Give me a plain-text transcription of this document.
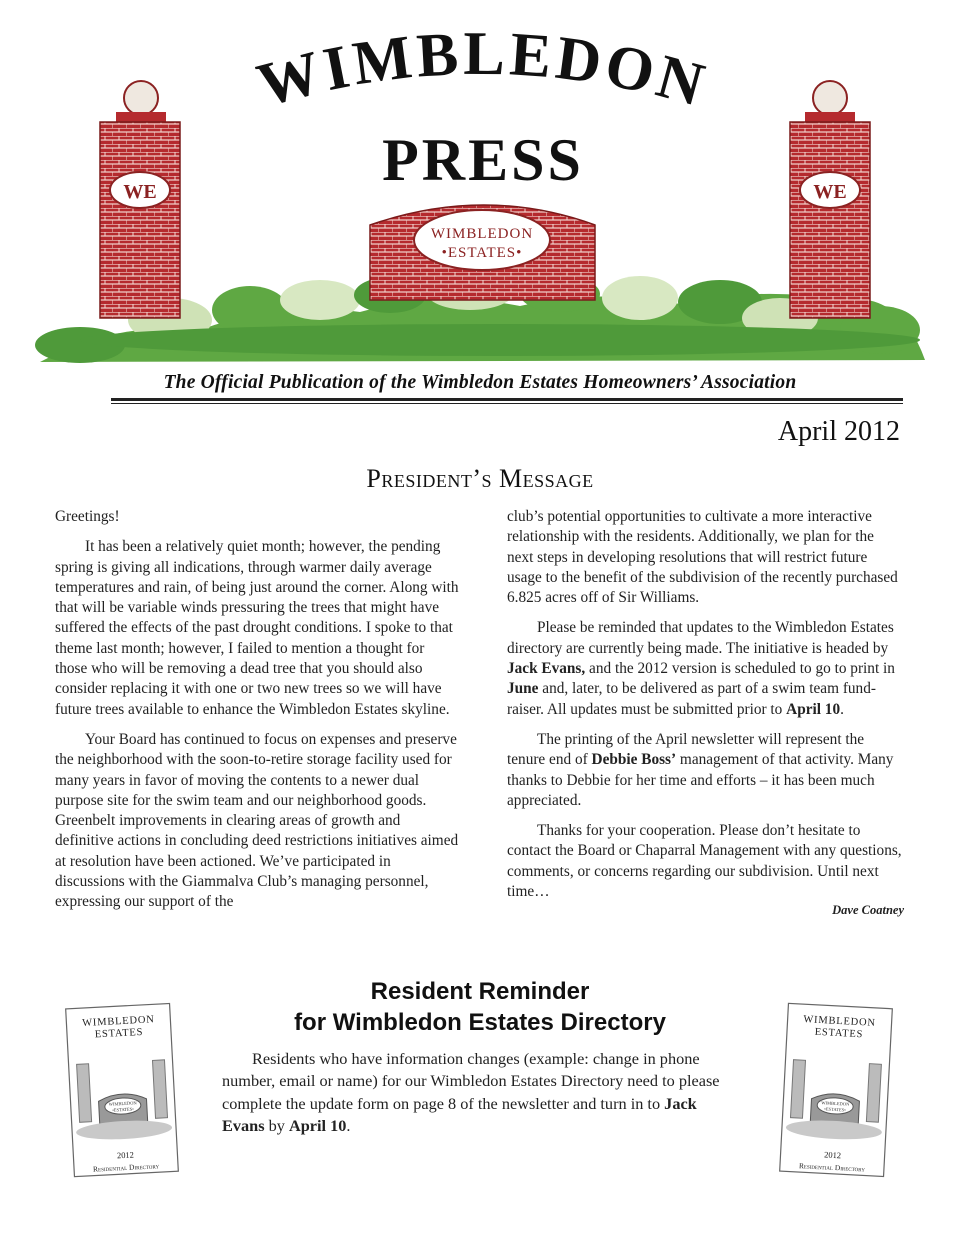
WIMBLEDON
PRESS
WE	WE
WIMBLEDON
•ESTATES•
The Official Publication of the Wimbledon Estates Homeowners’ Association
April 2012
President’s Message

Greetings!

It has been a relatively quiet month; however, the pending spring is giving all indications, through warmer daily average temperatures and rain, of being just around the corner. Along with that will be variable winds pressuring the trees that might have suffered the effects of the past drought conditions. I spoke to that theme last month; however, I failed to mention a thought for those who will be removing a dead tree that you should also consider replacing it with one or two new trees so we will have future trees available to enhance the Wimbledon Estates skyline.

Your Board has continued to focus on expenses and preserve the neighborhood with the soon-to-retire storage facility used for many years in favor of moving the contents to a newer dual purpose site for the swim team and our neighborhood goods. Greenbelt improvements in clearing areas of growth and definitive actions in concluding deed restrictions initiatives aimed at resolution have been actioned. We’ve participated in discussions with the Giammalva Club’s managing personnel, expressing our support of the

club’s potential opportunities to cultivate a more interactive relationship with the residents. Additionally, we plan for the next steps in developing resolutions that will restrict future usage to the benefit of the subdivision of the recently purchased 6.825 acres off of Sir Williams.

Please be reminded that updates to the Wimbledon Estates directory are currently being made. The initiative is headed by Jack Evans, and the 2012 version is scheduled to go to print in June and, later, to be delivered as part of a swim team fund-raiser. All updates must be submitted prior to April 10.

The printing of the April newsletter will represent the tenure end of Debbie Boss’ management of that activity. Many thanks to Debbie for her time and efforts – it has been much appreciated.

Thanks for your cooperation. Please don’t hesitate to contact the Board or Chaparral Management with any questions, comments, or concerns regarding our subdivision. Until next time…

Dave Coatney
Resident Reminder
for Wimbledon Estates Directory

Residents who have information changes (example: change in phone number, email or name) for our Wimbledon Estates Directory need to please complete the update form on page 8 of the newsletter and turn in to Jack Evans by April 10.

WIMBLEDON
ESTATES
WIMBLEDON
•ESTATES•
2012
Residential Directory
WIMBLEDON
ESTATES
WIMBLEDON
•ESTATES•
2012
Residential Directory
